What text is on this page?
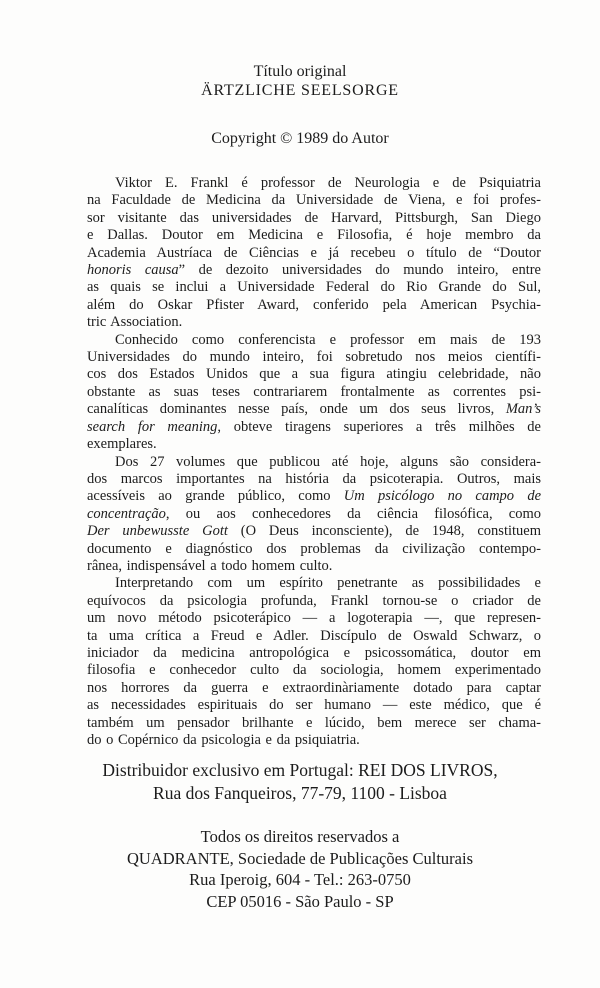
Título original
ÄRTZLICHE SEELSORGE
Copyright © 1989 do Autor
Viktor E. Frankl é professor de Neurologia e de Psiquiatria
na Faculdade de Medicina da Universidade de Viena, e foi profes-
sor visitante das universidades de Harvard, Pittsburgh, San Diego
e Dallas. Doutor em Medicina e Filosofia, é hoje membro da
Academia Austríaca de Ciências e já recebeu o título de “Doutor
honoris causa” de dezoito universidades do mundo inteiro, entre
as quais se inclui a Universidade Federal do Rio Grande do Sul,
além do Oskar Pfister Award, conferido pela American Psychia-
tric Association.
Conhecido como conferencista e professor em mais de 193
Universidades do mundo inteiro, foi sobretudo nos meios científi-
cos dos Estados Unidos que a sua figura atingiu celebridade, não
obstante as suas teses contrariarem frontalmente as correntes psi-
canalíticas dominantes nesse país, onde um dos seus livros, Man’s
search for meaning, obteve tiragens superiores a três milhões de
exemplares.
Dos 27 volumes que publicou até hoje, alguns são considera-
dos marcos importantes na história da psicoterapia. Outros, mais
acessíveis ao grande público, como Um psicólogo no campo de
concentração, ou aos conhecedores da ciência filosófica, como
Der unbewusste Gott (O Deus inconsciente), de 1948, constituem
documento e diagnóstico dos problemas da civilização contempo-
rânea, indispensável a todo homem culto.
Interpretando com um espírito penetrante as possibilidades e
equívocos da psicologia profunda, Frankl tornou-se o criador de
um novo método psicoterápico — a logoterapia —, que represen-
ta uma crítica a Freud e Adler. Discípulo de Oswald Schwarz, o
iniciador da medicina antropológica e psicossomática, doutor em
filosofia e conhecedor culto da sociologia, homem experimentado
nos horrores da guerra e extraordinàriamente dotado para captar
as necessidades espirituais do ser humano — este médico, que é
também um pensador brilhante e lúcido, bem merece ser chama-
do o Copérnico da psicologia e da psiquiatria.
Distribuidor exclusivo em Portugal: REI DOS LIVROS,
Rua dos Fanqueiros, 77-79, 1100 - Lisboa
Todos os direitos reservados a
QUADRANTE, Sociedade de Publicações Culturais
Rua Iperoig, 604 - Tel.: 263-0750
CEP 05016 - São Paulo - SP
